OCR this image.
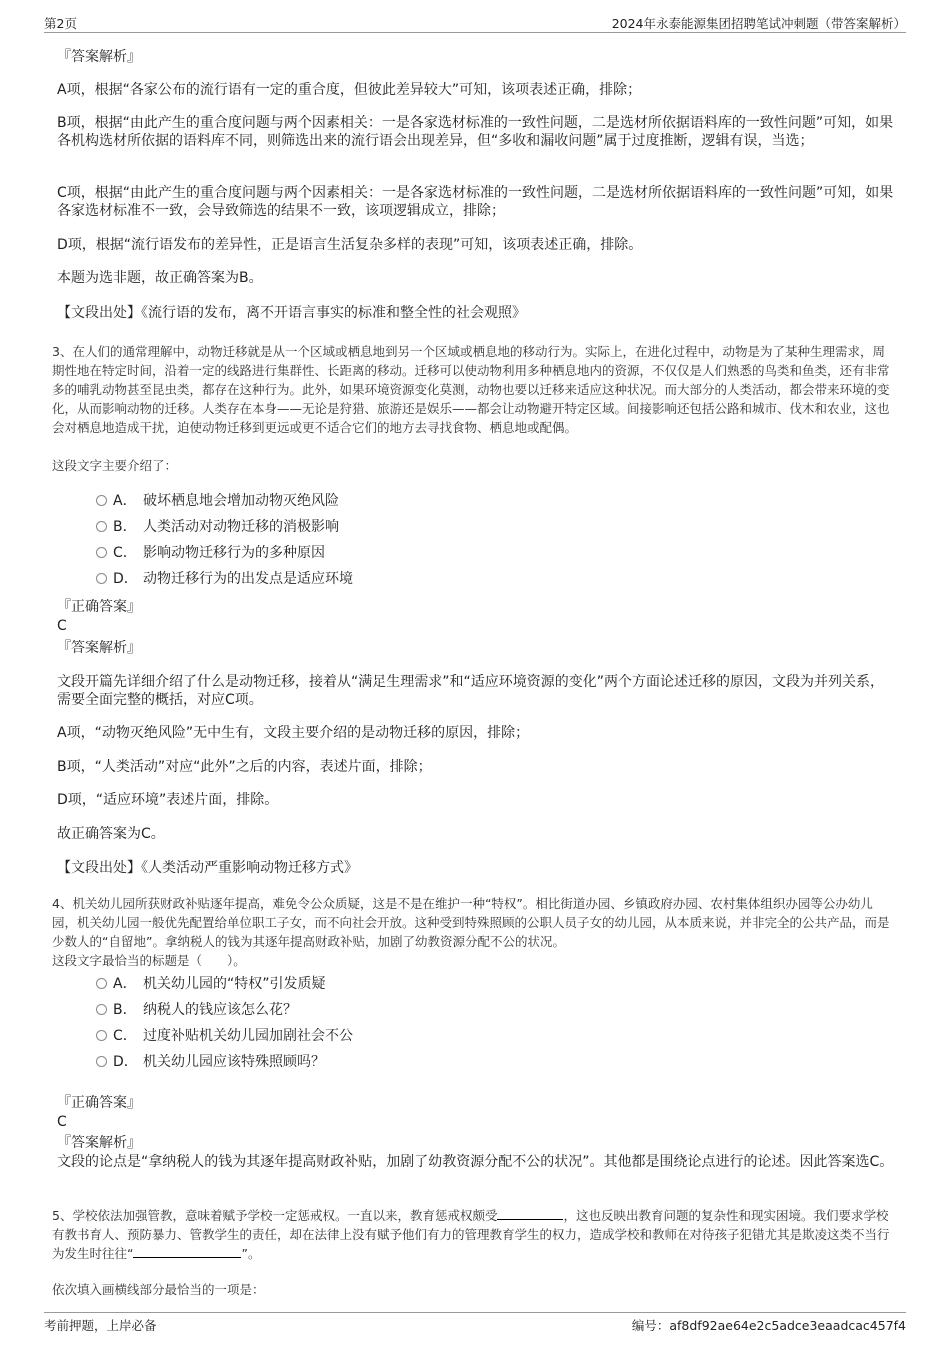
第2页	2024年永泰能源集团招聘笔试冲刺题（带答案解析）
『答案解析』

A项，根据“各家公布的流行语有一定的重合度，但彼此差异较大”可知，该项表述正确，排除；

B项，根据“由此产生的重合度问题与两个因素相关：一是各家选材标准的一致性问题，二是选材所依据语料库的一致性问题”可知，如果各机构选材所依据的语料库不同，则筛选出来的流行语会出现差异，但“多收和漏收问题”属于过度推断，逻辑有误，当选；

C项，根据“由此产生的重合度问题与两个因素相关：一是各家选材标准的一致性问题，二是选材所依据语料库的一致性问题”可知，如果各家选材标准不一致，会导致筛选的结果不一致，该项逻辑成立，排除；

D项，根据“流行语发布的差异性，正是语言生活复杂多样的表现”可知，该项表述正确，排除。

本题为选非题，故正确答案为B。

【文段出处】《流行语的发布，离不开语言事实的标准和整全性的社会观照》

3、在人们的通常理解中，动物迁移就是从一个区域或栖息地到另一个区域或栖息地的移动行为。实际上，在进化过程中，动物是为了某种生理需求，周期性地在特定时间，沿着一定的线路进行集群性、长距离的移动。迁移可以使动物利用多种栖息地内的资源，不仅仅是人们熟悉的鸟类和鱼类，还有非常多的哺乳动物甚至昆虫类，都存在这种行为。此外，如果环境资源变化莫测，动物也要以迁移来适应这种状况。而大部分的人类活动，都会带来环境的变化，从而影响动物的迁移。人类存在本身——无论是狩猎、旅游还是娱乐——都会让动物避开特定区域。间接影响还包括公路和城市、伐木和农业，这也会对栖息地造成干扰，迫使动物迁移到更远或更不适合它们的地方去寻找食物、栖息地或配偶。

这段文字主要介绍了：

A． 破坏栖息地会增加动物灭绝风险
B． 人类活动对动物迁移的消极影响
C． 影响动物迁移行为的多种原因
D． 动物迁移行为的出发点是适应环境
『正确答案』
C
『答案解析』

文段开篇先详细介绍了什么是动物迁移，接着从“满足生理需求”和“适应环境资源的变化”两个方面论述迁移的原因，文段为并列关系，需要全面完整的概括，对应C项。

A项，“动物灭绝风险”无中生有，文段主要介绍的是动物迁移的原因，排除；

B项，“人类活动”对应“此外”之后的内容，表述片面，排除；

D项，“适应环境”表述片面，排除。

故正确答案为C。

【文段出处】《人类活动严重影响动物迁移方式》

4、机关幼儿园所获财政补贴逐年提高，难免令公众质疑，这是不是在维护一种“特权”。相比街道办园、乡镇政府办园、农村集体组织办园等公办幼儿园，机关幼儿园一般优先配置给单位职工子女，而不向社会开放。这种受到特殊照顾的公职人员子女的幼儿园，从本质来说，并非完全的公共产品，而是少数人的“自留地”。拿纳税人的钱为其逐年提高财政补贴，加剧了幼教资源分配不公的状况。

这段文字最恰当的标题是（　　）。

A． 机关幼儿园的“特权”引发质疑
B． 纳税人的钱应该怎么花？
C． 过度补贴机关幼儿园加剧社会不公
D． 机关幼儿园应该特殊照顾吗？
『正确答案』
C
『答案解析』

文段的论点是“拿纳税人的钱为其逐年提高财政补贴，加剧了幼教资源分配不公的状况”。其他都是围绕论点进行的论述。因此答案选C。

5、学校依法加强管教，意味着赋予学校一定惩戒权。一直以来，教育惩戒权颇受	，这也反映出教育问题的复杂性和现实困境。我们要求学校有教书育人、预防暴力、管教学生的责任，却在法律上没有赋予他们有力的管理教育学生的权力，造成学校和教师在对待孩子犯错尤其是欺凌这类不当行为发生时往往“	”。

依次填入画横线部分最恰当的一项是：

考前押题，上岸必备	编号：af8df92ae64e2c5adce3eaadcac457f4
